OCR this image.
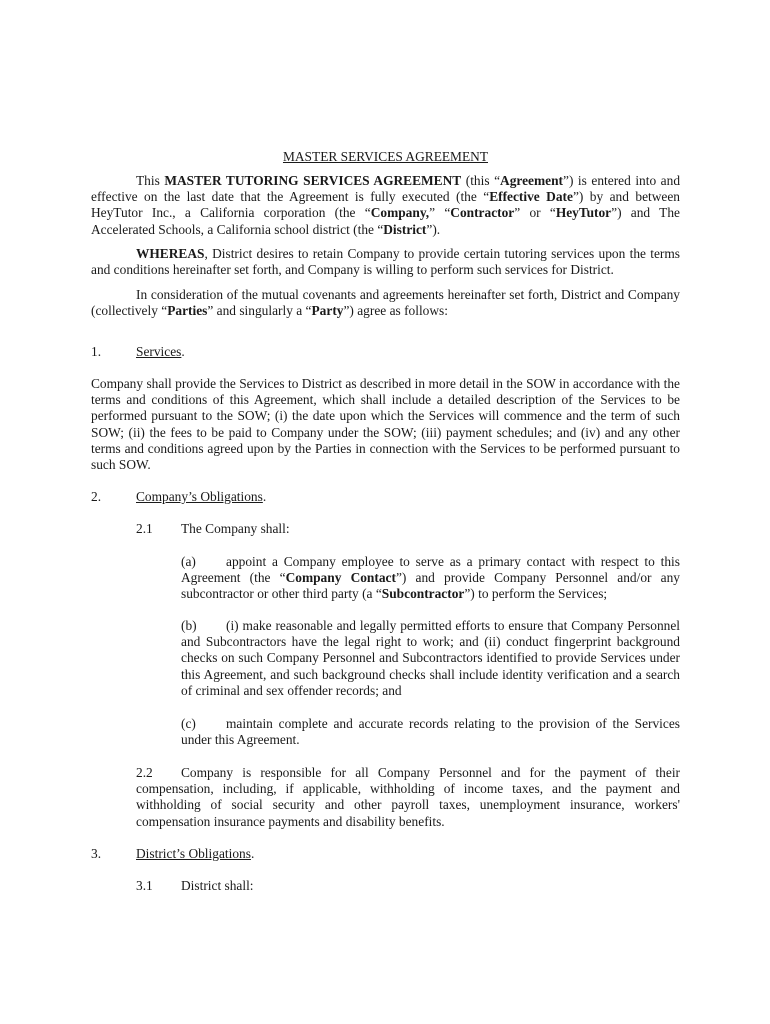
MASTER SERVICES AGREEMENT

This MASTER TUTORING SERVICES AGREEMENT (this “Agreement”) is entered into and effective on the last date that the Agreement is fully executed (the “Effective Date”) by and between HeyTutor Inc., a California corporation (the “Company,” “Contractor” or “HeyTutor”) and The Accelerated Schools, a California school district (the “District”).

WHEREAS, District desires to retain Company to provide certain tutoring services upon the terms and conditions hereinafter set forth, and Company is willing to perform such services for District.

In consideration of the mutual covenants and agreements hereinafter set forth, District and Company (collectively “Parties” and singularly a “Party”) agree as follows:

1.	Services.

Company shall provide the Services to District as described in more detail in the SOW in accordance with the terms and conditions of this Agreement, which shall include a detailed description of the Services to be performed pursuant to the SOW; (i) the date upon which the Services will commence and the term of such SOW; (ii) the fees to be paid to Company under the SOW; (iii) payment schedules; and (iv) and any other terms and conditions agreed upon by the Parties in connection with the Services to be performed pursuant to such SOW.

2.	Company’s Obligations.
2.1 The Company shall:

(a) appoint a Company employee to serve as a primary contact with respect to this Agreement (the “Company Contact”) and provide Company Personnel and/or any subcontractor or other third party (a “Subcontractor”) to perform the Services;

(b) (i) make reasonable and legally permitted efforts to ensure that Company Personnel and Subcontractors have the legal right to work; and (ii) conduct fingerprint background checks on such Company Personnel and Subcontractors identified to provide Services under this Agreement, and such background checks shall include identity verification and a search of criminal and sex offender records; and

(c) maintain complete and accurate records relating to the provision of the Services under this Agreement.

2.2 Company is responsible for all Company Personnel and for the payment of their compensation, including, if applicable, withholding of income taxes, and the payment and withholding of social security and other payroll taxes, unemployment insurance, workers' compensation insurance payments and disability benefits.

3.	District’s Obligations.
3.1 District shall:
